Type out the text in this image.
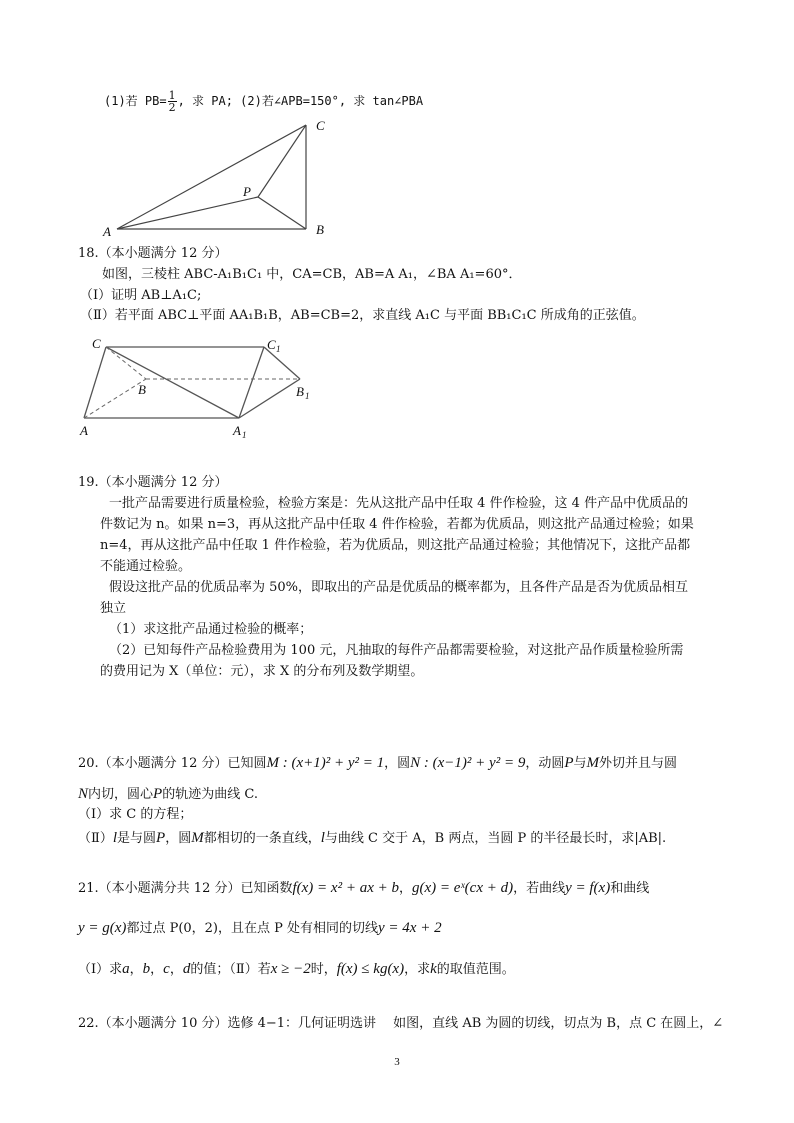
(1)若 $PB= \frac{1}{2}$ , 求 PA; (2)若∠APB=150°, 求 tan∠PBA
A	B
C
P
18.（本小题满分 12 分）
如图，三棱柱 ABC-A₁B₁C₁ 中，CA=CB，AB=A A₁，∠BA A₁=60°．
（Ⅰ）证明 AB⊥A₁C;
（Ⅱ）若平面 ABC⊥平面 AA₁B₁B，AB=CB=2，求直线 A₁C 与平面 BB₁C₁C 所成角的正弦值。
C	C 1
B	B 1
A	A 1
19.（本小题满分 12 分）
一批产品需要进行质量检验，检验方案是：先从这批产品中任取 4 件作检验，这 4 件产品中优质品的
件数记为 n。如果 n=3，再从这批产品中任取 4 件作检验，若都为优质品，则这批产品通过检验；如果
n=4，再从这批产品中任取 1 件作检验，若为优质品，则这批产品通过检验；其他情况下，这批产品都
不能通过检验。
假设这批产品的优质品率为 50%，即取出的产品是优质品的概率都为，且各件产品是否为优质品相互
独立
（1）求这批产品通过检验的概率；
（2）已知每件产品检验费用为 100 元，凡抽取的每件产品都需要检验，对这批产品作质量检验所需
的费用记为 X（单位：元），求 X 的分布列及数学期望。
20.（本小题满分 12 分）已知圆M : (x+1)² + y² = 1，圆N : (x−1)² + y² = 9，动圆P与M外切并且与圆
N内切，圆心P的轨迹为曲线 C.
（Ⅰ）求 C 的方程；
（Ⅱ）l是与圆P，圆M都相切的一条直线，l与曲线 C 交于 A，B 两点，当圆 P 的半径最长时，求|AB|.
21.（本小题满分共 12 分）已知函数f(x) = x² + ax + b，g(x) = eˣ(cx + d)，若曲线y = f(x)和曲线
y = g(x)都过点 P(0，2)，且在点 P 处有相同的切线y = 4x + 2
（Ⅰ）求a，b，c，d的值；（Ⅱ）若x ≥ −2时，f(x) ≤ kg(x)，求k的取值范围。
22.（本小题满分 10 分）选修 4−1：几何证明选讲　 如图，直线 AB 为圆的切线，切点为 B，点 C 在圆上，∠
3
